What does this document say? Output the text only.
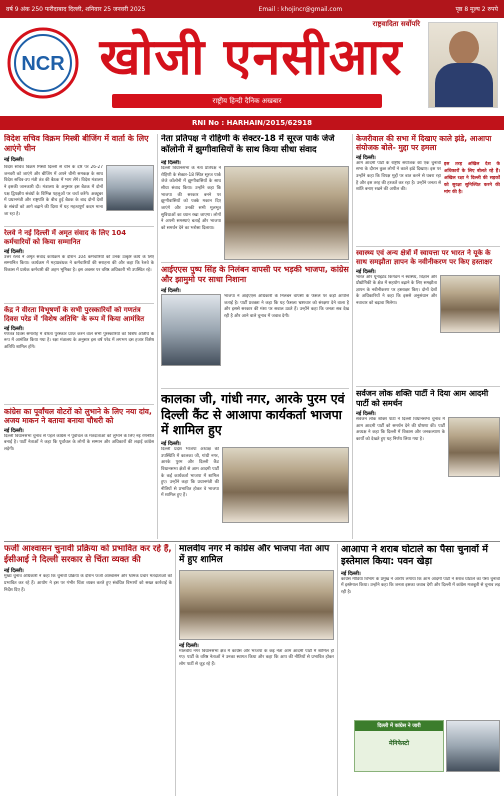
वर्ष 9 अंक 250 फरीदाबाद दिल्ली, शनिवार 25 जनवरी 2025	Email : khojincr@gmail.com	पृष्ठ 8 मूल्य 2 रुपये
NCR
राष्ट्रवादिता सर्वोपरि
खोजी एनसीआर
राष्ट्रीय हिन्दी दैनिक अखबार
RNI No : HARHAIN/2015/62918
विदेश सचिव विक्रम मिस्त्री बीजिंग में वार्ता के लिए आएंगे चीन
नई दिल्ली।
विदेश सचिव विक्रम मिस्त्री दिल्ली से चीन के दौरे पर 26-27 जनवरी को जाएंगे और बीजिंग में अपने चीनी समकक्ष के साथ विदेश सचिव-उप मंत्री तंत्र की बैठक में भाग लेंगे। विदेश मंत्रालय ने इसकी जानकारी दी। मंत्रालय के अनुसार इस बैठक में दोनों पक्ष द्विपक्षीय संबंधों के विभिन्न पहलुओं पर चर्चा करेंगे। अक्टूबर में प्रधानमंत्री और राष्ट्रपति के बीच हुई बैठक के बाद दोनों देशों के संबंधों को आगे बढ़ाने की दिशा में यह महत्वपूर्ण कदम माना जा रहा है।
रेलवे ने नई दिल्ली में अमृत संवाद के लिए 104 कर्मचारियों को किया सम्मानित
नई दिल्ली।
उत्तर रेलवे ने अमृत संवाद कार्यक्रम के दौरान 104 कर्मचारियों को उनके उत्कृष्ट कार्य के लिए सम्मानित किया। कार्यक्रम में महाप्रबंधक ने कर्मचारियों की सराहना की और कहा कि रेलवे के विकास में प्रत्येक कर्मचारी की अहम भूमिका है। इस अवसर पर वरिष्ठ अधिकारी भी उपस्थित रहे।
केंद्र ने वीरता विभूषणों के सभी पुरस्कारियों को गणतंत्र दिवस परेड में 'विशेष अतिथि' के रूप में किया आमंत्रित
नई दिल्ली।
गणतंत्र दिवस समारोह में वीरता पुरस्कार प्राप्त करने वाले सभी पुरस्कारियों को विशेष अतिथि के रूप में आमंत्रित किया गया है। रक्षा मंत्रालय के अनुसार इस वर्ष परेड में लगभग दस हजार विशेष अतिथि शामिल होंगे।
कांग्रेस का पूर्वांचल वोटरों को लुभाने के लिए नया दांव, अजय माकन ने बताया बनाया चौधरी को
नई दिल्ली।
दिल्ली विधानसभा चुनाव से पहले कांग्रेस ने पूर्वांचल के मतदाताओं को लुभाने के लिए नई रणनीति बनाई है। पार्टी नेताओं ने कहा कि पूर्वांचल के लोगों के सम्मान और अधिकारों की लड़ाई कांग्रेस लड़ेगी।
नेता प्रतिपक्ष ने रोहिणी के सेक्टर-18 में सूरज पार्क जेजे कॉलोनी में झुग्गीवासियों के साथ किया सीधा संवाद
नई दिल्ली।
दिल्ली विधानसभा के नेता प्रतिपक्ष ने रोहिणी के सेक्टर-18 स्थित सूरज पार्क जेजे कॉलोनी में झुग्गीवासियों के साथ सीधा संवाद किया। उन्होंने कहा कि भाजपा की सरकार बनने पर झुग्गीवासियों को पक्के मकान दिए जाएंगे और उनकी सभी मूलभूत सुविधाओं का ध्यान रखा जाएगा। लोगों ने अपनी समस्याएं बताईं और भाजपा को समर्थन देने का भरोसा दिलाया।
आईएएस पुष्प सिंह के निलंबन वापसी पर भड़की भाजपा, कांग्रेस और झामुमो पर साधा निशाना
नई दिल्ली।
भाजपा ने आईएएस अधिकारी के निलंबन वापसी के फैसले पर कड़ी आपत्ति जताई है। पार्टी प्रवक्ता ने कहा कि यह फैसला भ्रष्टाचार को संरक्षण देने वाला है और इससे सरकार की मंशा पर सवाल उठते हैं। उन्होंने कहा कि जनता सब देख रही है और आने वाले चुनाव में जवाब देगी।
केजरीवाल की सभा में दिखाए काले झंडे, आआपा संयोजक बोले- मुद्दा पर हमला
नई दिल्ली।
आम आदमी पार्टी के राष्ट्रीय संयोजक की एक चुनावी सभा के दौरान कुछ लोगों ने काले झंडे दिखाए। इस पर उन्होंने कहा कि विपक्ष मुद्दों पर बात करने से घबरा रहा है और इस तरह की हरकतें कर रहा है। उन्होंने जनता से शांति बनाए रखने की अपील की।
इस तरह अखिल देश के अधिकारों के लिए बोलते रहे हैं। अखिल रक्षा ने दिल्ली की सड़कों को सुरक्षा सुनिश्चित करने की मांग की है।
स्वास्थ्य एवं अन्य क्षेत्रों में स्वायत्ता पर भारत ने यूके के साथ समझौता ज्ञापन के नवीनीकरण पर किए हस्ताक्षर
नई दिल्ली।
भारत और यूनाइटेड किंगडम ने स्वास्थ्य, विज्ञान और प्रौद्योगिकी के क्षेत्र में सहयोग बढ़ाने के लिए समझौता ज्ञापन के नवीनीकरण पर हस्ताक्षर किए। दोनों देशों के अधिकारियों ने कहा कि इससे अनुसंधान और नवाचार को बढ़ावा मिलेगा।
सर्वजन लोक शक्ति पार्टी ने दिया आम आदमी पार्टी को समर्थन
नई दिल्ली।
सर्वजन लोक शक्ति पार्टी ने दिल्ली विधानसभा चुनाव में आम आदमी पार्टी को समर्थन देने की घोषणा की। पार्टी अध्यक्ष ने कहा कि दिल्ली में विकास और जनकल्याण के कार्यों को देखते हुए यह निर्णय लिया गया है।
कालका जी, गांधी नगर, आरके पुरम एवं दिल्ली कैंट से आआपा कार्यकर्ता भाजपा में शामिल हुए
नई दिल्ली।
दिल्ली प्रदेश भाजपा अध्यक्ष की उपस्थिति में कालका जी, गांधी नगर, आरके पुरम और दिल्ली कैंट विधानसभा क्षेत्रों से आम आदमी पार्टी के कई कार्यकर्ता भाजपा में शामिल हुए। उन्होंने कहा कि प्रधानमंत्री की नीतियों से प्रभावित होकर वे भाजपा में शामिल हुए हैं।
फर्जी आश्वासन चुनावी प्रक्रिया को प्रभावित कर रहे हैं, ईसीआई ने दिल्ली सरकार से चिंता व्यक्त की
नई दिल्ली।
मुख्य चुनाव अधिकारी ने कहा कि चुनावी प्रक्रिया के दौरान फर्जी आश्वासन और भ्रामक प्रचार मतदाताओं को प्रभावित कर रहे हैं। आयोग ने इस पर गंभीर चिंता व्यक्त करते हुए संबंधित विभागों को सख्त कार्रवाई के निर्देश दिए हैं।
मालवीय नगर में कांग्रेस और भाजपा नेता आप में हुए शामिल
नई दिल्ली।
मालवीय नगर विधानसभा क्षेत्र में कांग्रेस और भाजपा के कई नेता आम आदमी पार्टी में शामिल हो गए। पार्टी के वरिष्ठ नेताओं ने उनका स्वागत किया और कहा कि आप की नीतियों से प्रभावित होकर लोग पार्टी से जुड़ रहे हैं।
आआपा ने शराब घोटाले का पैसा चुनावों में इस्तेमाल किया: पवन खेड़ा
नई दिल्ली।
कांग्रेस मीडिया विभाग के प्रमुख ने आरोप लगाया कि आम आदमी पार्टी ने शराब घोटाले का पैसा चुनावों में इस्तेमाल किया। उन्होंने कहा कि जनता इसका जवाब देगी और दिल्ली में कांग्रेस मजबूती से चुनाव लड़ रही है।
दिल्ली में कांग्रेस ने जारी
मेनिफेस्टो
